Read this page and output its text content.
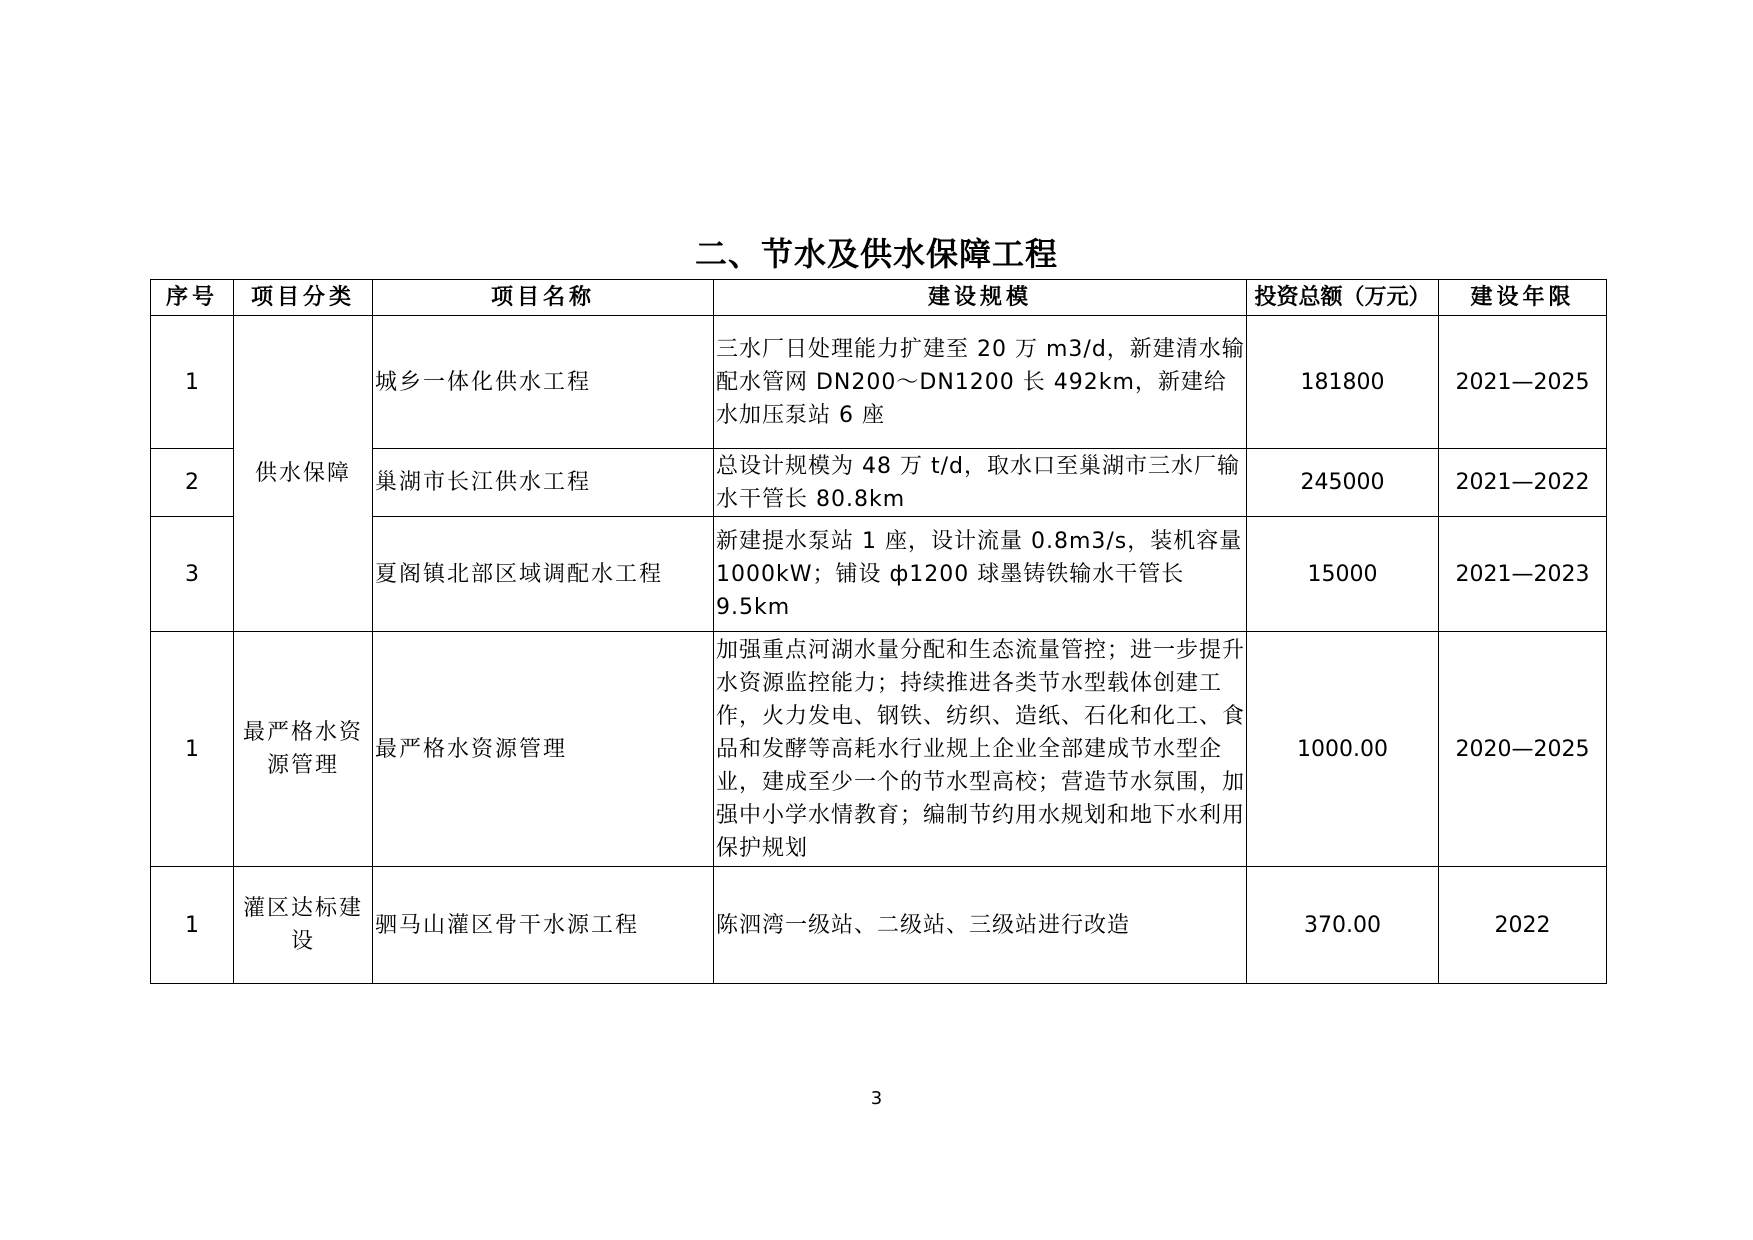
二、节水及供水保障工程
序号	项目分类	项目名称	建设规模	投资总额（万元）	建设年限
1	供水保障	城乡一体化供水工程	三水厂日处理能力扩建至 20 万 m3/d，新建清水输配水管网 DN200～DN1200 长 492km，新建给水加压泵站 6 座	181800	2021—2025
2		巢湖市长江供水工程	总设计规模为 48 万 t/d，取水口至巢湖市三水厂输水干管长 80.8km	245000	2021—2022
3		夏阁镇北部区域调配水工程	新建提水泵站 1 座，设计流量 0.8m3/s，装机容量 1000kW；铺设 ф1200 球墨铸铁输水干管长 9.5km	15000	2021—2023
1	最严格水资源管理	最严格水资源管理	加强重点河湖水量分配和生态流量管控；进一步提升水资源监控能力；持续推进各类节水型载体创建工作，火力发电、钢铁、纺织、造纸、石化和化工、食品和发酵等高耗水行业规上企业全部建成节水型企业，建成至少一个的节水型高校；营造节水氛围，加强中小学水情教育；编制节约用水规划和地下水利用保护规划	1000.00	2020—2025
1	灌区达标建设	驷马山灌区骨干水源工程	陈泗湾一级站、二级站、三级站进行改造	370.00	2022
3
